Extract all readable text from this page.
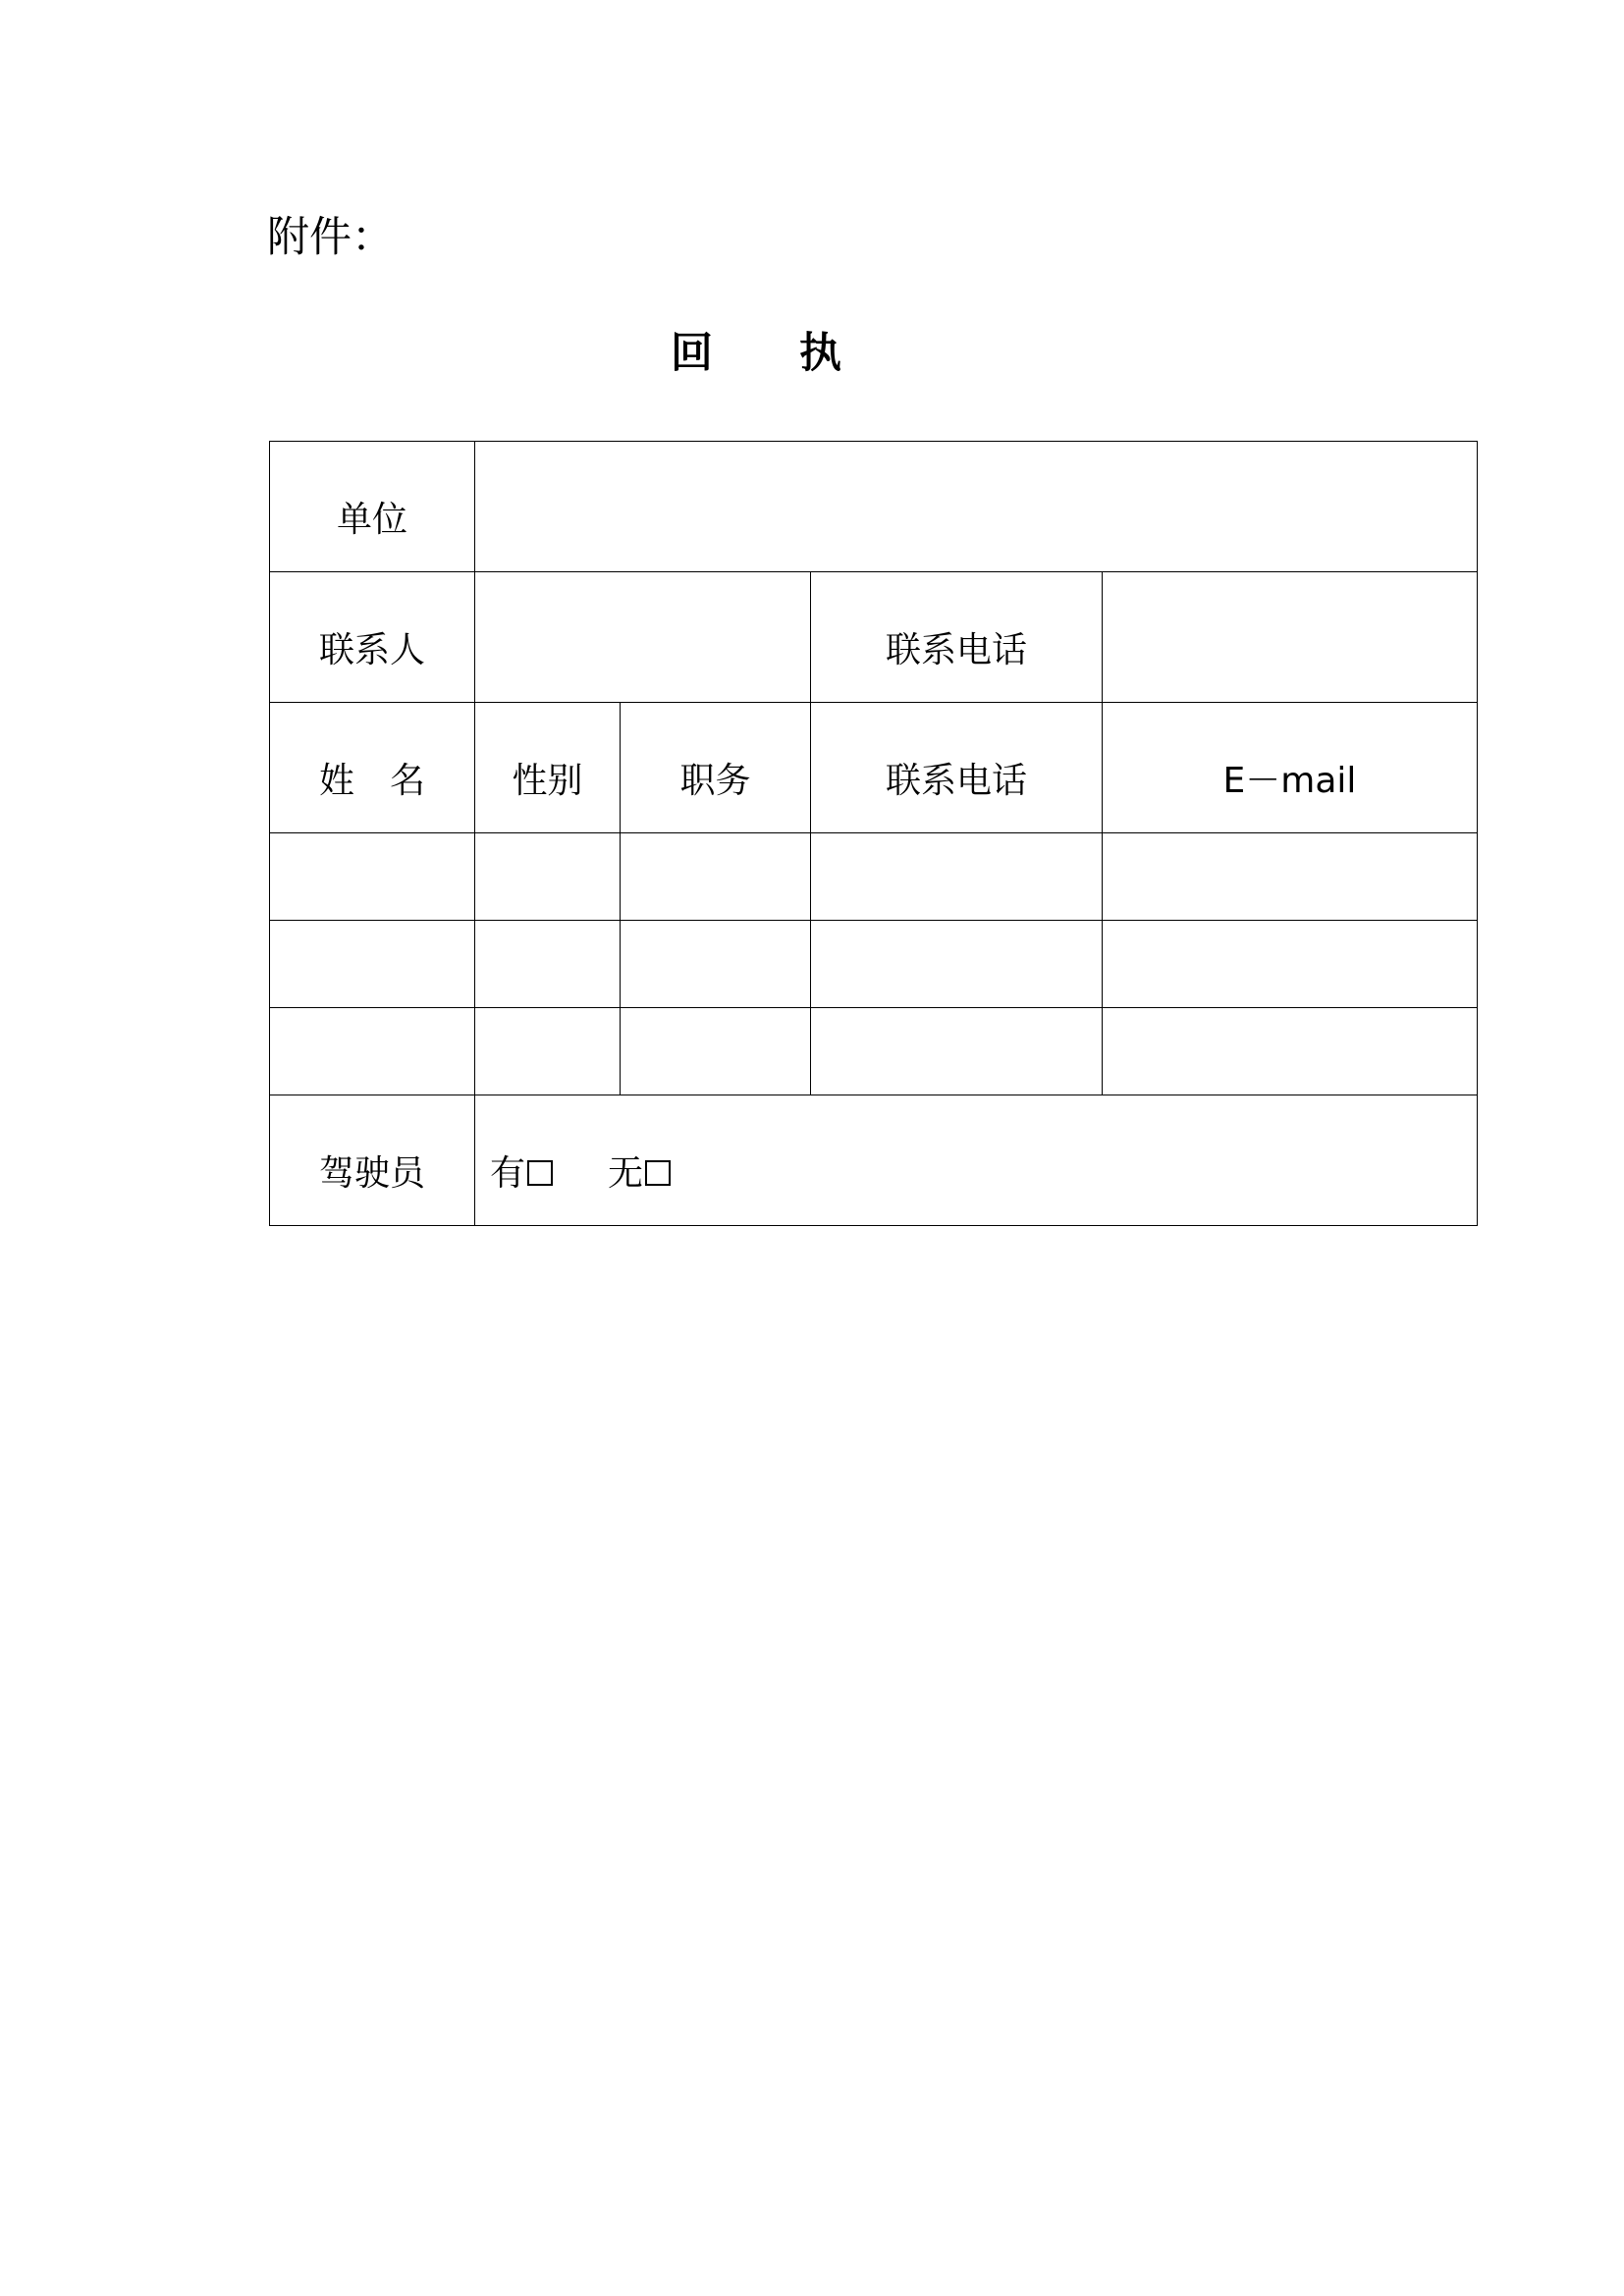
附件：
回 执
单位				
联系人			联系电话	
姓　名	性别	职务	联系电话	E－mail

驾驶员	有 无			
